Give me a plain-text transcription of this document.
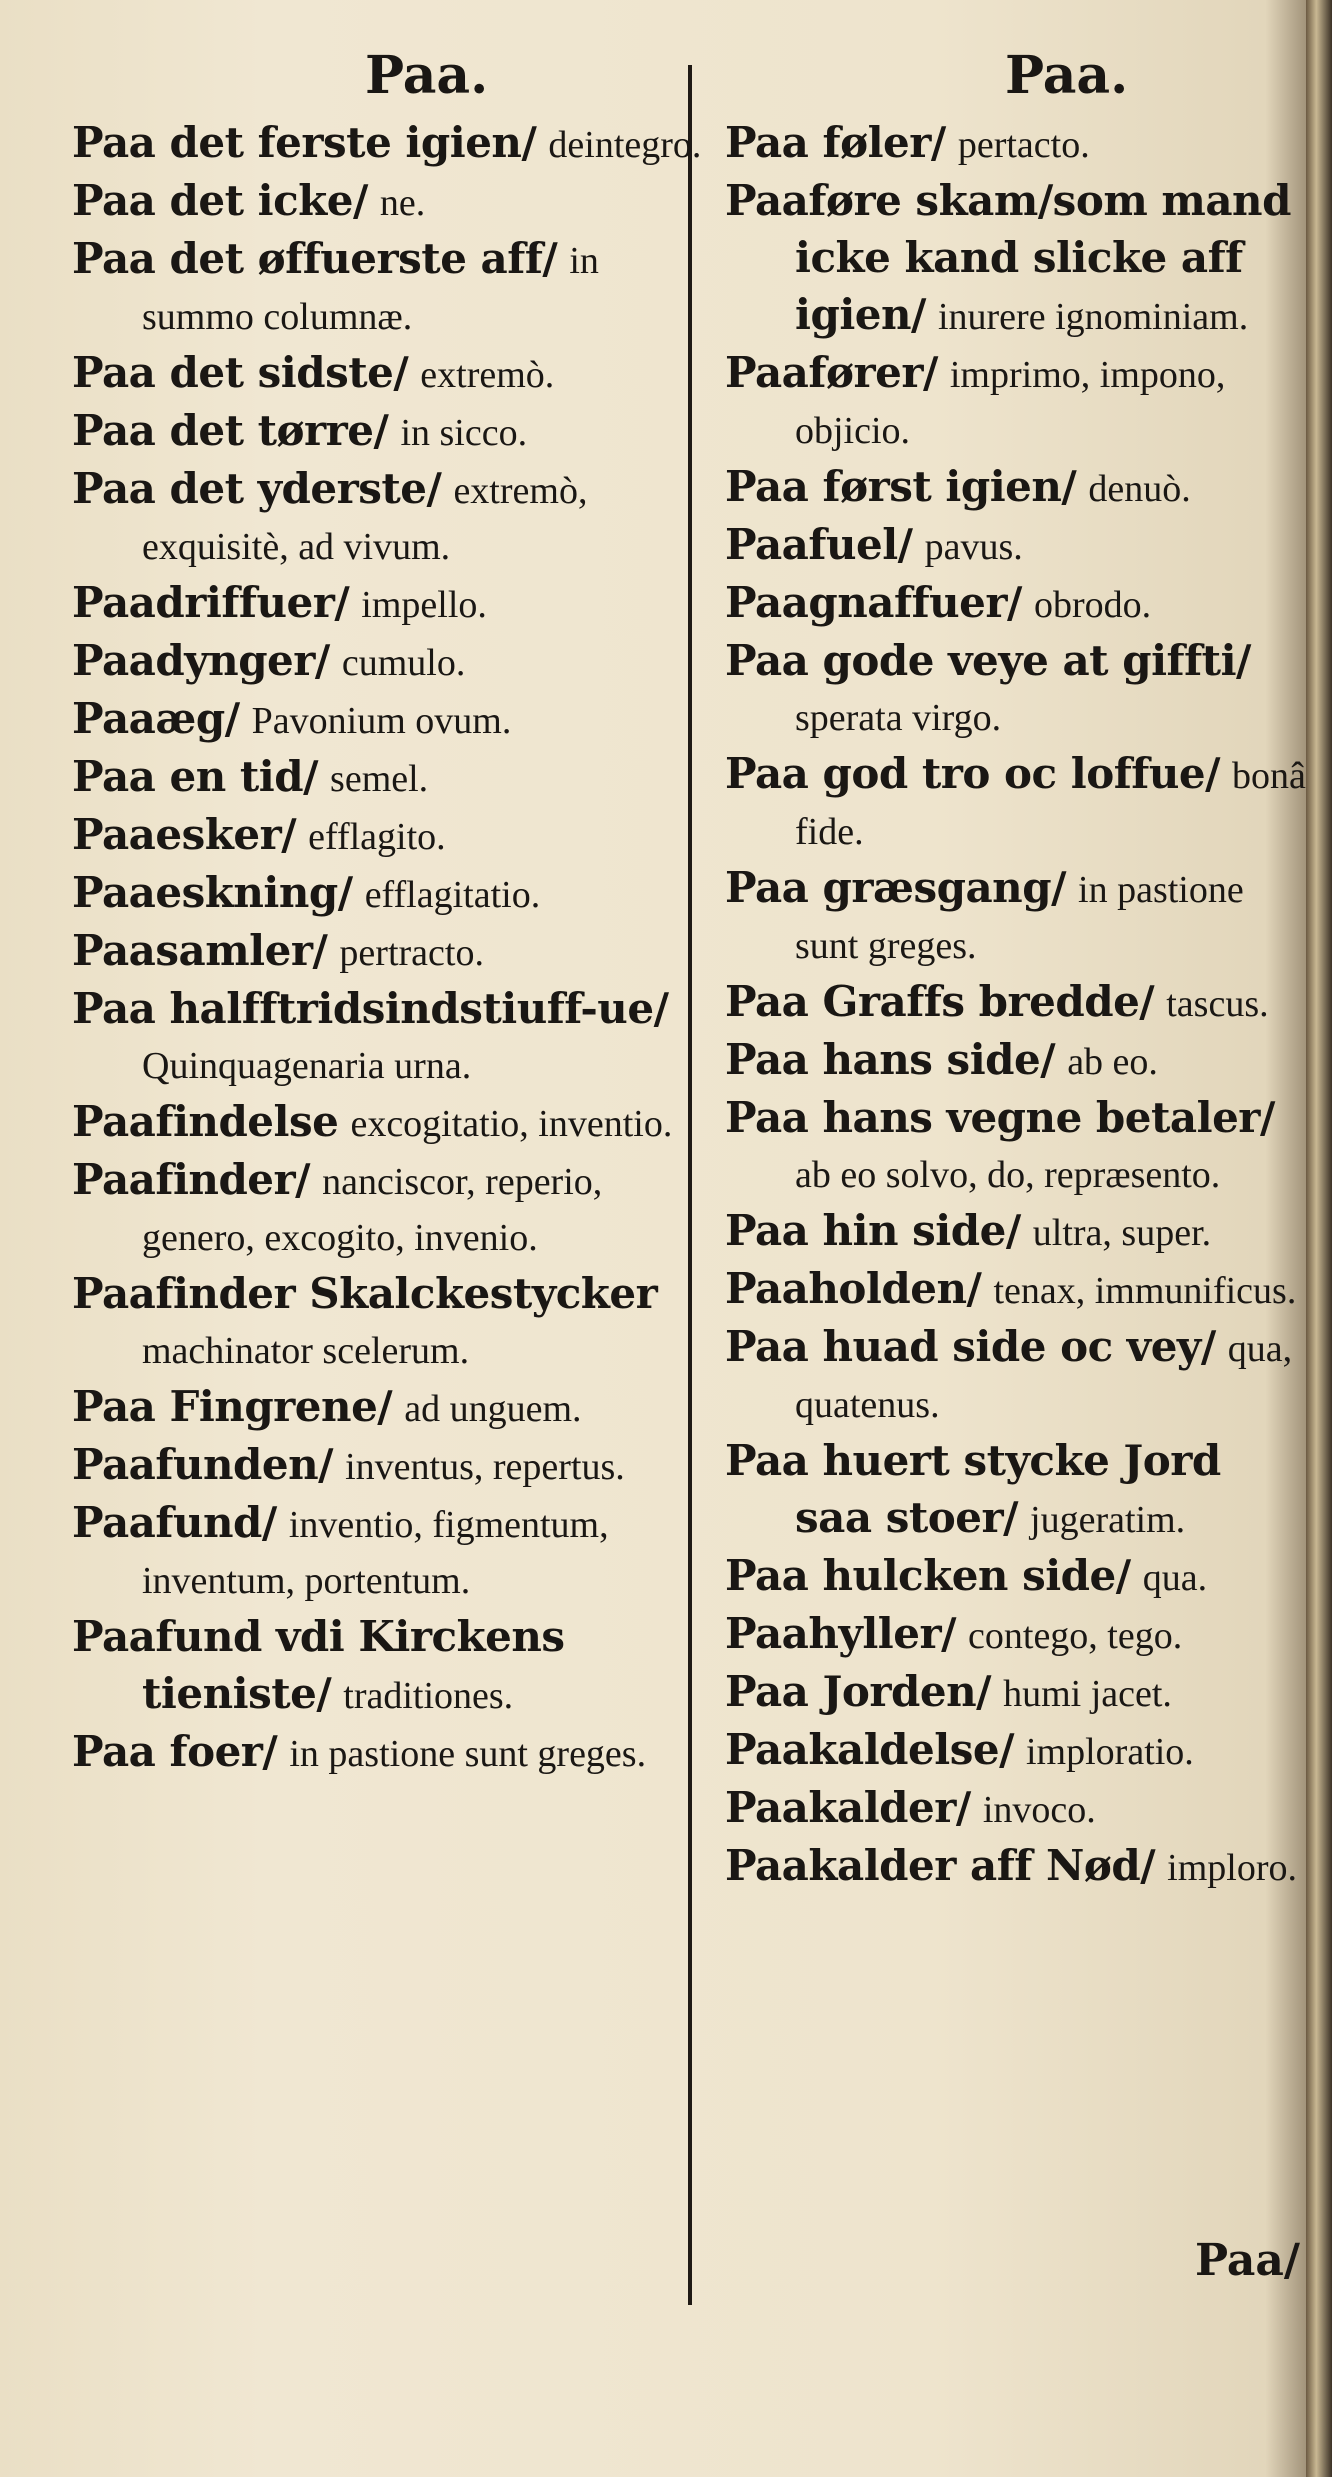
Paa.	Paa.
Paa det ferste igien/ deintegro.
Paa det icke/ ne.
Paa det øffuerste aff/ in summo columnæ.
Paa det sidste/ extremò.
Paa det tørre/ in sicco.
Paa det yderste/ extremò, exquisitè, ad vivum.
Paadriffuer/ impello.
Paadynger/ cumulo.
Paaæg/ Pavonium ovum.
Paa en tid/ semel.
Paaesker/ efflagito.
Paaeskning/ efflagitatio.
Paasamler/ pertracto.
Paa halfftridsindstiuff-ue/ Quinquagenaria urna.
Paafindelse excogitatio, inventio.
Paafinder/ nanciscor, reperio, genero, excogito, invenio.
Paafinder Skalckestycker machinator scelerum.
Paa Fingrene/ ad unguem.
Paafunden/ inventus, repertus.
Paafund/ inventio, figmentum, inventum, portentum.
Paafund vdi Kirckens tieniste/ traditiones.
Paa foer/ in pastione sunt greges.
Paa føler/ pertacto.
Paaføre skam/som mand icke kand slicke aff igien/ inurere ignominiam.
Paafører/ imprimo, impono, objicio.
Paa først igien/ denuò.
Paafuel/ pavus.
Paagnaffuer/ obrodo.
Paa gode veye at giffti/ sperata virgo.
Paa god tro oc loffue/ bonâ fide.
Paa græsgang/ in pastione sunt greges.
Paa Graffs bredde/ tascus.
Paa hans side/ ab eo.
Paa hans vegne betaler/ ab eo solvo, do, repræsento.
Paa hin side/ ultra, super.
Paaholden/ tenax, immunificus.
Paa huad side oc vey/ qua, quatenus.
Paa huert stycke Jord saa stoer/ jugeratim.
Paa hulcken side/ qua.
Paahyller/ contego, tego.
Paa Jorden/ humi jacet.
Paakaldelse/ imploratio.
Paakalder/ invoco.
Paakalder aff Nød/ imploro.
Paa/
